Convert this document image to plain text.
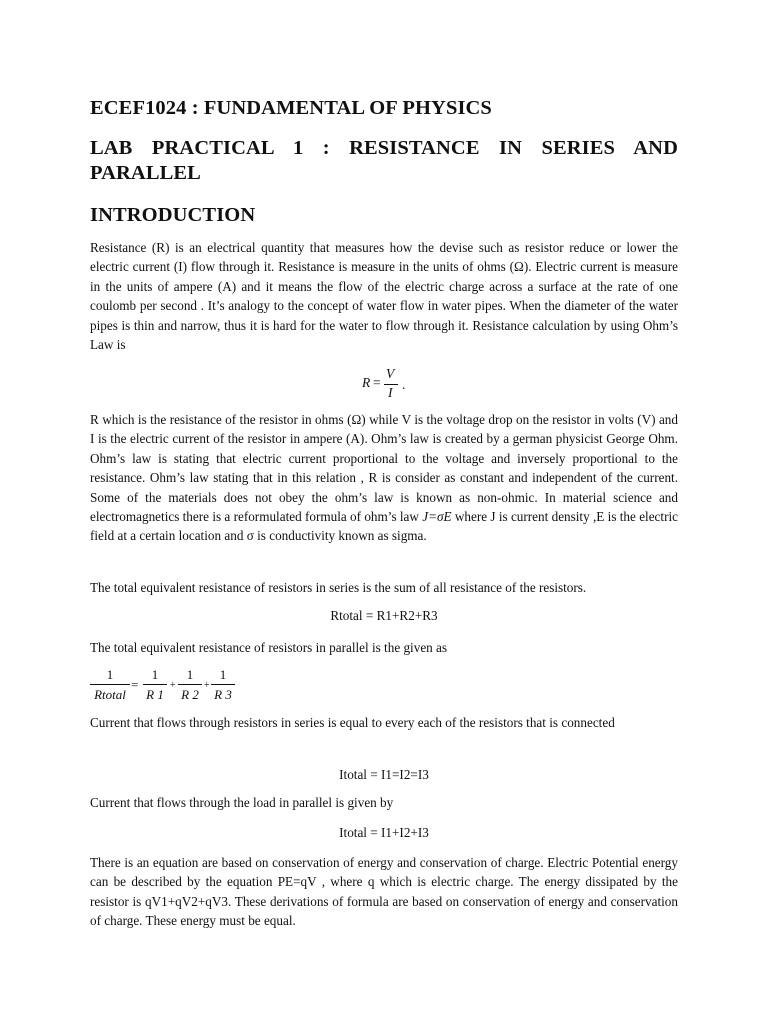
ECEF1024 : FUNDAMENTAL OF PHYSICS
LAB PRACTICAL 1 : RESISTANCE IN SERIES AND
PARALLEL
INTRODUCTION

Resistance (R) is an electrical quantity that measures how the devise such as resistor reduce or lower the electric current (I) flow through it. Resistance is measure in the units of ohms (Ω). Electric current is measure in the units of ampere (A) and it means the flow of the electric charge across a surface at the rate of one coulomb per second . It’s analogy to the concept of water flow in water pipes. When the diameter of the water pipes is thin and narrow, thus it is hard for the water to flow through it. Resistance calculation by using Ohm’s Law is

R =
V
I
.

R which is the resistance of the resistor in ohms (Ω) while V is the voltage drop on the resistor in volts (V) and I is the electric current of the resistor in ampere (A). Ohm’s law is created by a german physicist George Ohm. Ohm’s law is stating that electric current proportional to the voltage and inversely proportional to the resistance. Ohm’s law stating that in this relation , R is consider as constant and independent of the current. Some of the materials does not obey the ohm’s law is known as non-ohmic. In material science and electromagnetics there is a reformulated formula of ohm’s law J=σE where J is current density ,E is the electric field at a certain location and σ is conductivity known as sigma.

The total equivalent resistance of resistors in series is the sum of all resistance of the resistors.

Rtotal = R1+R2+R3

The total equivalent resistance of resistors in parallel is the given as

1
Rtotal
=
1
R 1
+
1
R 2
+
1
R 3

Current that flows through resistors in series is equal to every each of the resistors that is connected

Itotal = I1=I2=I3

Current that flows through the load in parallel is given by

Itotal = I1+I2+I3

There is an equation are based on conservation of energy and conservation of charge. Electric Potential energy can be described by the equation PE=qV , where q which is electric charge. The energy dissipated by the resistor is qV1+qV2+qV3. These derivations of formula are based on conservation of energy and conservation of charge. These energy must be equal.
